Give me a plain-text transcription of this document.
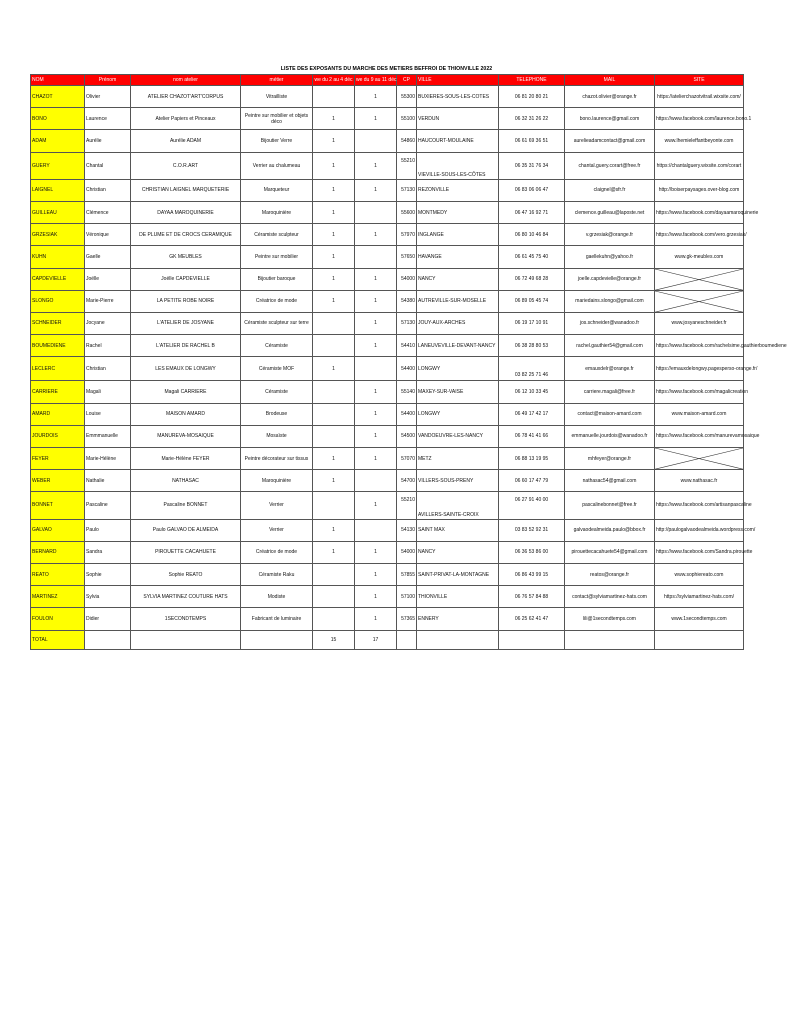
LISTE DES EXPOSANTS DU MARCHE DES METIERS BEFFROI DE THIONVILLE 2022
NOM	Prénom	nom atelier	métier	we du 2 au 4 déc	we du 9 au 11 déc	CP	VILLE	TELEPHONE	MAIL	SITE
CHAZOT	Olivier	ATELIER CHAZOT'ART'CORPUS	Vitrailliste		1	55300	BUXIERES-SOUS-LES-COTES	06 81 20 80 21	chazot.olivier@orange.fr	https://atelierchazotvitrail.wixsite.com/
BONO	Laurence	Atelier Papiers et Pinceaux	Peintre sur mobilier et objets déco	1	1	55100	VERDUN	06 32 31 26 22	bono.laurence@gmail.com	https://www.facebook.com/laurence.bono.1
ADAM	Aurélie	Aurélie ADAM	Bijoutier Verre	1		54860	HAUCOURT-MOULAINE	06 61 69 36 51	aurelieadamcontact@gmail.com	www.lhemieleffantbeyonte.com
GUERY	Chantal	C.O.R.ART	Verrier au chalumeau	1	1	55210	VIEVILLE-SOUS-LES-CÔTES	06 35 31 76 34	chantal.guery.corart@free.fr	https://chantalguery.wixsite.com/corart
LAIGNEL	Christian	CHRISTIAN LAIGNEL MARQUETERIE	Marqueteur	1	1	57130	REZONVILLE	06 83 06 06 47	claignel@sfr.fr	http://boiserpaysages.over-blog.com
GUILLEAU	Clémence	DAYAA MAROQUINERIE	Maroquinière	1		55600	MONTMEDY	06 47 16 92 71	clemence.guilleau@laposte.net	https://www.facebook.com/dayaamaroquinerie
GRZESIAK	Véronique	DE PLUME ET DE CROCS CERAMIQUE	Céramiste sculpteur	1	1	57970	INGLANGE	06 80 10 46 84	v.grzesiak@orange.fr	https://www.facebook.com/vero.grzesiak/
KUHN	Gaelle	GK MEUBLES	Peintre sur mobilier	1		57650	HAVANGE	06 61 45 75 40	gaellekuhn@yahoo.fr	www.gk-meubles.com
CAPDEVIELLE	Joëlle	Joëlle CAPDEVIELLE	Bijoutier baroque	1	1	54000	NANCY	06 72 49 68 28	joelle.capdevielle@orange.fr	

SLONGO	Marie-Pierre	LA PETITE ROBE NOIRE	Créatrice de mode	1	1	54380	AUTREVILLE-SUR-MOSELLE	06 89 05 45 74	mariedains.slongo@gmail.com	

SCHNEIDER	Jocyane	L'ATELIER DE JOSYANE	Céramiste sculpteur sur terre		1	57130	JOUY-AUX-ARCHES	06 19 17 10 91	jos.schneider@wanadoo.fr	www.josyaneschneider.fr
BOUMEDIENE	Rachel	L'ATELIER DE RACHEL B	Céramiste		1	54410	LANEUVEVILLE-DEVANT-NANCY	06 38 28 80 53	rachel.gauthier54@gmail.com	https://www.facebook.com/rachelsime.gauthierboumediene
LECLERC	Christian	LES EMAUX DE LONGWY	Céramiste MOF	1		54400	LONGWY	03 82 25 71 46	emauxdelr@orange.fr	https://emauxdelongwy.pagesperso-orange.fr/
CARRIERE	Magali	Magali CARRIERE	Céramiste		1	55140	MAXEY-SUR-VAISE	06 12 10 33 45	carriere.magali@free.fr	https://www.facebook.com/magalicreation
AMARD	Louise	MAISON AMARD	Brodeuse		1	54400	LONGWY	06 49 17 42 17	contact@maison-amard.com	www.maison-amard.com
JOURDOIS	Emmmanuelle	MANUREVA-MOSAIQUE	Mosaïste		1	54500	VANDOEUVRE-LES-NANCY	06 78 41 41 66	emmanuelle.jourdois@wanadoo.fr	https://www.facebook.com/manurevamosaique
FEYER	Marie-Hélène	Marie-Hélène FEYER	Peintre décorateur sur tissus	1	1	57070	METZ	06 88 13 19 95	mhfeyer@orange.fr	

WEBER	Nathalie	NATHASAC	Maroquinière	1		54700	VILLERS-SOUS-PRENY	06 60 17 47 79	nathasac54@gmail.com	www.nathasac.fr
BONNET	Pascaline	Pascaline BONNET	Verrier		1	55210	AVILLERS-SAINTE-CROIX	06 27 91 40 00	pascalinebonnet@free.fr	https://www.facebook.com/artisanpascaline
GALVAO	Paulo	Paulo GALVAO DE ALMEIDA	Verrier	1		54130	SAINT MAX	03 83 52 92 31	galvaodealmeida.paulo@bbox.fr	http://paulogalvaodealmeida.wordpress.com/
BERNARD	Sandra	PIROUETTE CACAHUETE	Créatrice de mode	1	1	54000	NANCY	06 36 53 86 00	pirouettecacahuete54@gmail.com	https://www.facebook.com/Sandra.pirouette
REATO	Sophie	Sophie REATO	Céramiste Raku		1	57855	SAINT-PRIVAT-LA-MONTAGNE	06 86 43 99 15	reatos@orange.fr	www.sophiereato.com
MARTINEZ	Sylvia	SYLVIA MARTINEZ COUTURE HATS	Modiste		1	57100	THIONVILLE	06 76 57 84 88	contact@sylviamartinez-hats.com	https://sylviamartinez-hats.com/
FOULON	Didier	1SECONDTEMPS	Fabricant de luminaire		1	57365	ENNERY	06 25 62 41 47	lili@1secondtemps.com	www.1secondtemps.com
TOTAL				15	17					
